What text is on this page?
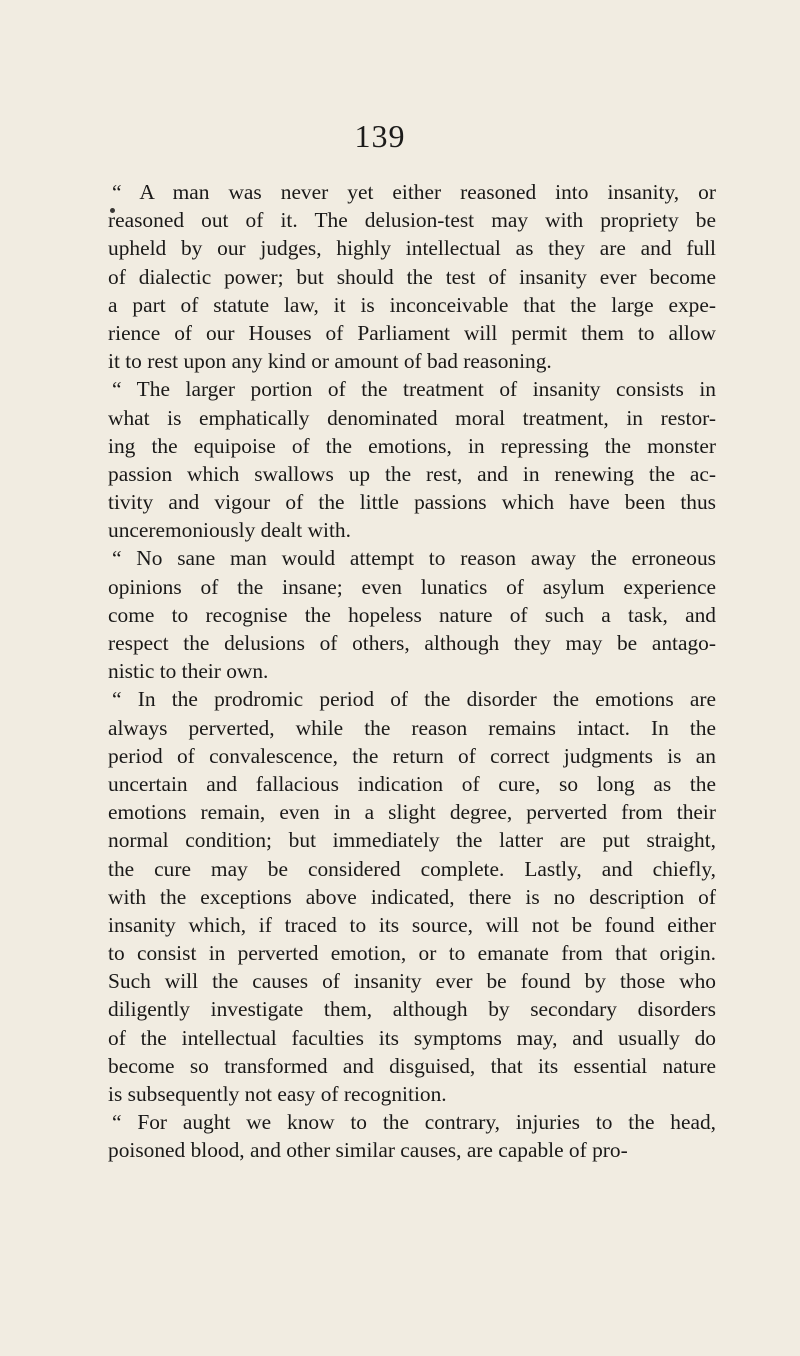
139
“ A man was never yet either reasoned into insanity, or
reasoned out of it. The delusion-test may with propriety be
upheld by our judges, highly intellectual as they are and full
of dialectic power; but should the test of insanity ever become
a part of statute law, it is inconceivable that the large expe-
rience of our Houses of Parliament will permit them to allow
it to rest upon any kind or amount of bad reasoning.
“ The larger portion of the treatment of insanity consists in
what is emphatically denominated moral treatment, in restor-
ing the equipoise of the emotions, in repressing the monster
passion which swallows up the rest, and in renewing the ac-
tivity and vigour of the little passions which have been thus
unceremoniously dealt with.
“ No sane man would attempt to reason away the erroneous
opinions of the insane; even lunatics of asylum experience
come to recognise the hopeless nature of such a task, and
respect the delusions of others, although they may be antago-
nistic to their own.
“ In the prodromic period of the disorder the emotions are
always perverted, while the reason remains intact. In the
period of convalescence, the return of correct judgments is an
uncertain and fallacious indication of cure, so long as the
emotions remain, even in a slight degree, perverted from their
normal condition; but immediately the latter are put straight,
the cure may be considered complete. Lastly, and chiefly,
with the exceptions above indicated, there is no description of
insanity which, if traced to its source, will not be found either
to consist in perverted emotion, or to emanate from that origin.
Such will the causes of insanity ever be found by those who
diligently investigate them, although by secondary disorders
of the intellectual faculties its symptoms may, and usually do
become so transformed and disguised, that its essential nature
is subsequently not easy of recognition.
“ For aught we know to the contrary, injuries to the head,
poisoned blood, and other similar causes, are capable of pro-
